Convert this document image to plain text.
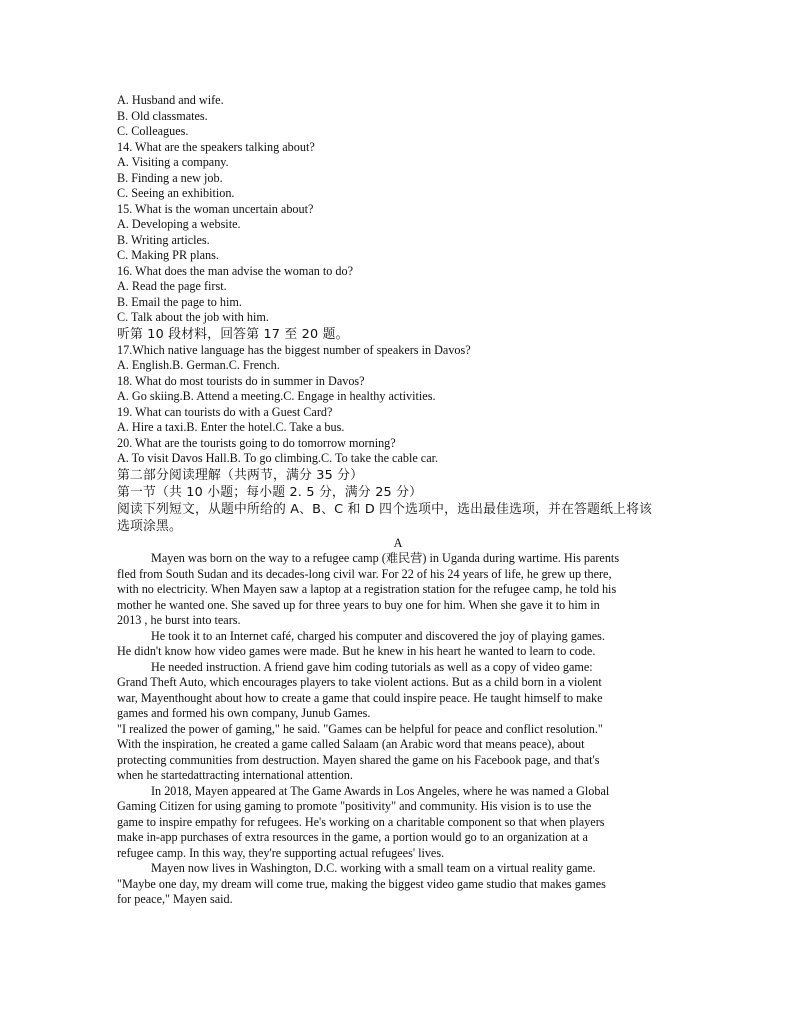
A. Husband and wife.
B. Old classmates.
C. Colleagues.
14. What are the speakers talking about?
A. Visiting a company.
B. Finding a new job.
C. Seeing an exhibition.
15. What is the woman uncertain about?
A. Developing a website.
B. Writing articles.
C. Making PR plans.
16. What does the man advise the woman to do?
A. Read the page first.
B. Email the page to him.
C. Talk about the job with him.
听第 10 段材料，回答第 17 至 20 题。
17.Which native language has the biggest number of speakers in Davos?
A. English.B. German.C. French.
18. What do most tourists do in summer in Davos?
A. Go skiing.B. Attend a meeting.C. Engage in healthy activities.
19. What can tourists do with a Guest Card?
A. Hire a taxi.B. Enter the hotel.C. Take a bus.
20. What are the tourists going to do tomorrow morning?
A. To visit Davos Hall.B. To go climbing.C. To take the cable car.
第二部分阅读理解（共两节，满分 35 分）
第一节（共 10 小题；每小题 2. 5 分，满分 25 分）
阅读下列短文，从题中所给的 A、B、C 和 D 四个选项中，选出最佳选项，并在答题纸上将该
选项涂黑。
A
Mayen was born on the way to a refugee camp (难民营) in Uganda during wartime. His parents
fled from South Sudan and its decades-long civil war. For 22 of his 24 years of life, he grew up there,
with no electricity. When Mayen saw a laptop at a registration station for the refugee camp, he told his
mother he wanted one. She saved up for three years to buy one for him. When she gave it to him in
2013 , he burst into tears.
He took it to an Internet café, charged his computer and discovered the joy of playing games.
He didn't know how video games were made. But he knew in his heart he wanted to learn to code.
He needed instruction. A friend gave him coding tutorials as well as a copy of video game:
Grand Theft Auto, which encourages players to take violent actions. But as a child born in a violent
war, Mayenthought about how to create a game that could inspire peace. He taught himself to make
games and formed his own company, Junub Games.
"I realized the power of gaming," he said. "Games can be helpful for peace and conflict resolution."
With the inspiration, he created a game called Salaam (an Arabic word that means peace), about
protecting communities from destruction. Mayen shared the game on his Facebook page, and that's
when he startedattracting international attention.
In 2018, Mayen appeared at The Game Awards in Los Angeles, where he was named a Global
Gaming Citizen for using gaming to promote "positivity" and community. His vision is to use the
game to inspire empathy for refugees. He's working on a charitable component so that when players
make in-app purchases of extra resources in the game, a portion would go to an organization at a
refugee camp. In this way, they're supporting actual refugees' lives.
Mayen now lives in Washington, D.C. working with a small team on a virtual reality game.
"Maybe one day, my dream will come true, making the biggest video game studio that makes games
for peace," Mayen said.
